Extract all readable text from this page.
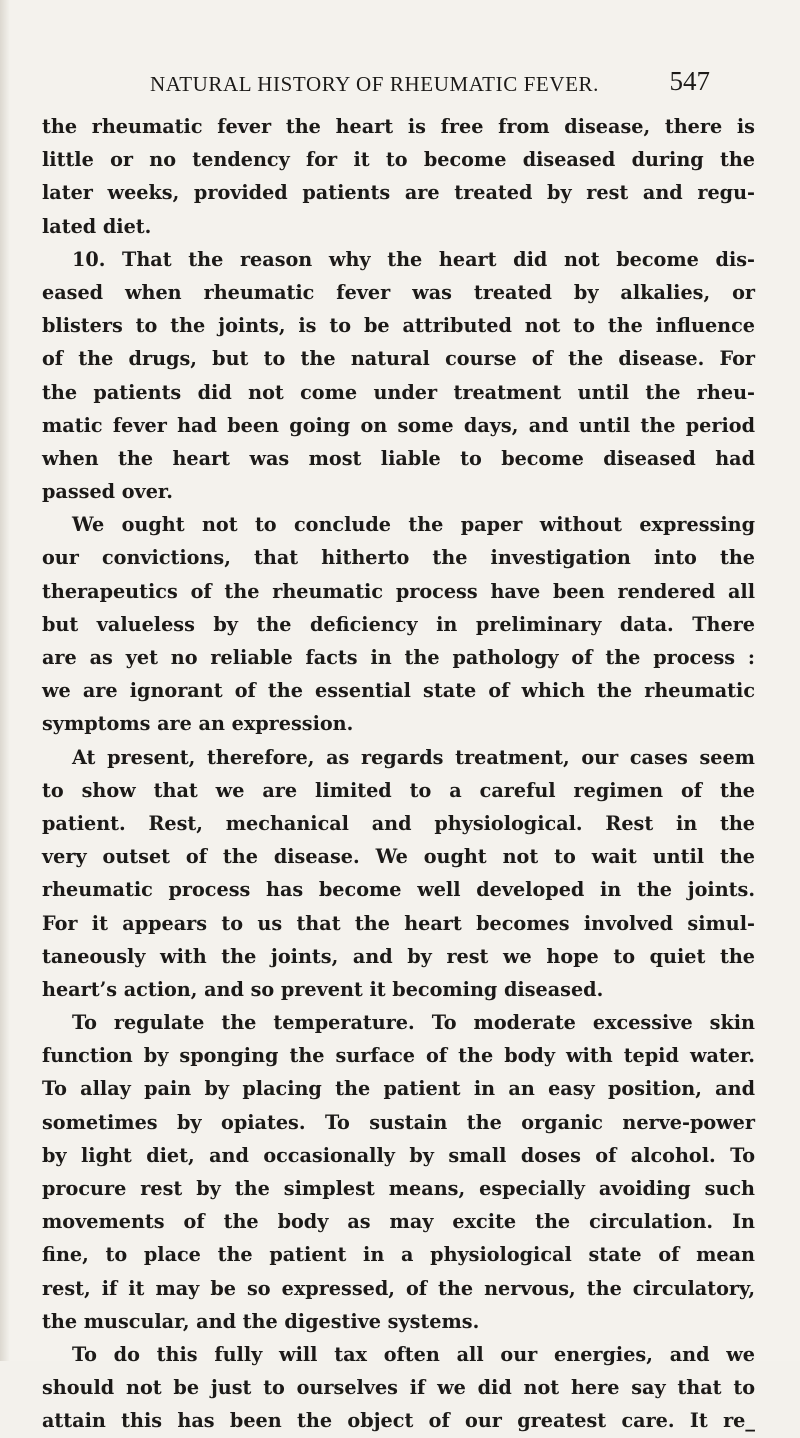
NATURAL HISTORY OF RHEUMATIC FEVER.	547
the rheumatic fever the heart is free from disease, there is
little or no tendency for it to become diseased during the
later weeks, provided patients are treated by rest and regu-
lated diet.
10. That the reason why the heart did not become dis-
eased when rheumatic fever was treated by alkalies, or
blisters to the joints, is to be attributed not to the influence
of the drugs, but to the natural course of the disease. For
the patients did not come under treatment until the rheu-
matic fever had been going on some days, and until the period
when the heart was most liable to become diseased had
passed over.
We ought not to conclude the paper without expressing
our convictions, that hitherto the investigation into the
therapeutics of the rheumatic process have been rendered all
but valueless by the deficiency in preliminary data. There
are as yet no reliable facts in the pathology of the process :
we are ignorant of the essential state of which the rheumatic
symptoms are an expression.
At present, therefore, as regards treatment, our cases seem
to show that we are limited to a careful regimen of the
patient. Rest, mechanical and physiological. Rest in the
very outset of the disease. We ought not to wait until the
rheumatic process has become well developed in the joints.
For it appears to us that the heart becomes involved simul-
taneously with the joints, and by rest we hope to quiet the
heart’s action, and so prevent it becoming diseased.
To regulate the temperature. To moderate excessive skin
function by sponging the surface of the body with tepid water.
To allay pain by placing the patient in an easy position, and
sometimes by opiates. To sustain the organic nerve-power
by light diet, and occasionally by small doses of alcohol. To
procure rest by the simplest means, especially avoiding such
movements of the body as may excite the circulation. In
fine, to place the patient in a physiological state of mean
rest, if it may be so expressed, of the nervous, the circulatory,
the muscular, and the digestive systems.
To do this fully will tax often all our energies, and we
should not be just to ourselves if we did not here say that to
attain this has been the object of our greatest care. It re_
